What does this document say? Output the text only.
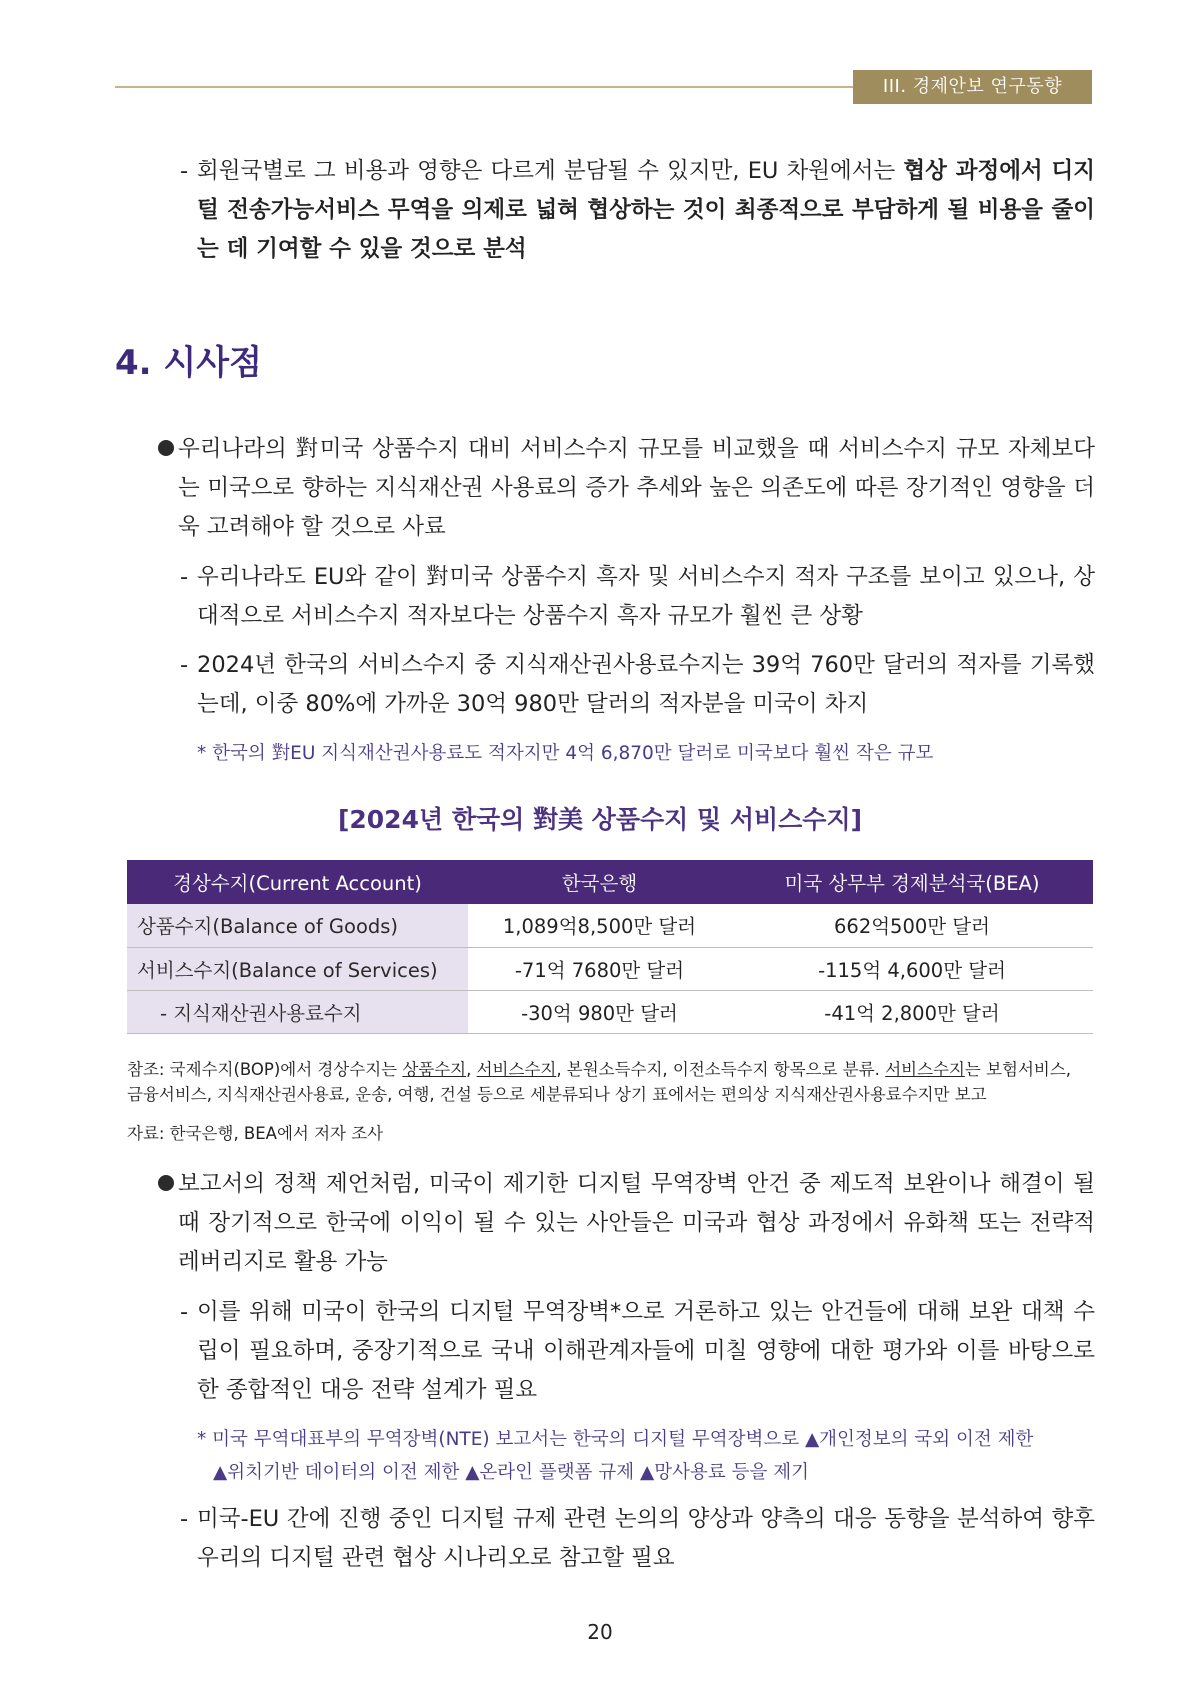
III. 경제안보 연구동향
- 회원국별로 그 비용과 영향은 다르게 분담될 수 있지만, EU 차원에서는 협상 과정에서 디지털 전송가능서비스 무역을 의제로 넓혀 협상하는 것이 최종적으로 부담하게 될 비용을 줄이는 데 기여할 수 있을 것으로 분석
4. 시사점
우리나라의 對미국 상품수지 대비 서비스수지 규모를 비교했을 때 서비스수지 규모 자체보다는 미국으로 향하는 지식재산권 사용료의 증가 추세와 높은 의존도에 따른 장기적인 영향을 더욱 고려해야 할 것으로 사료
- 우리나라도 EU와 같이 對미국 상품수지 흑자 및 서비스수지 적자 구조를 보이고 있으나, 상대적으로 서비스수지 적자보다는 상품수지 흑자 규모가 훨씬 큰 상황
- 2024년 한국의 서비스수지 중 지식재산권사용료수지는 39억 760만 달러의 적자를 기록했는데, 이중 80%에 가까운 30억 980만 달러의 적자분을 미국이 차지
* 한국의 對EU 지식재산권사용료도 적자지만 4억 6,870만 달러로 미국보다 훨씬 작은 규모
[2024년 한국의 對美 상품수지 및 서비스수지]
경상수지(Current Account)	한국은행	미국 상무부 경제분석국(BEA)
상품수지(Balance of Goods)	1,089억8,500만 달러	662억500만 달러
서비스수지(Balance of Services)	-71억 7680만 달러	-115억 4,600만 달러
- 지식재산권사용료수지	-30억 980만 달러	-41억 2,800만 달러
참조: 국제수지(BOP)에서 경상수지는 상품수지, 서비스수지, 본원소득수지, 이전소득수지 항목으로 분류. 서비스수지는 보험서비스,
금융서비스, 지식재산권사용료, 운송, 여행, 건설 등으로 세분류되나 상기 표에서는 편의상 지식재산권사용료수지만 보고
자료: 한국은행, BEA에서 저자 조사
보고서의 정책 제언처럼, 미국이 제기한 디지털 무역장벽 안건 중 제도적 보완이나 해결이 될 때 장기적으로 한국에 이익이 될 수 있는 사안들은 미국과 협상 과정에서 유화책 또는 전략적 레버리지로 활용 가능
- 이를 위해 미국이 한국의 디지털 무역장벽*으로 거론하고 있는 안건들에 대해 보완 대책 수립이 필요하며, 중장기적으로 국내 이해관계자들에 미칠 영향에 대한 평가와 이를 바탕으로 한 종합적인 대응 전략 설계가 필요
* 미국 무역대표부의 무역장벽(NTE) 보고서는 한국의 디지털 무역장벽으로 ▲개인정보의 국외 이전 제한
▲위치기반 데이터의 이전 제한 ▲온라인 플랫폼 규제 ▲망사용료 등을 제기
- 미국-EU 간에 진행 중인 디지털 규제 관련 논의의 양상과 양측의 대응 동향을 분석하여 향후 우리의 디지털 관련 협상 시나리오로 참고할 필요
20
